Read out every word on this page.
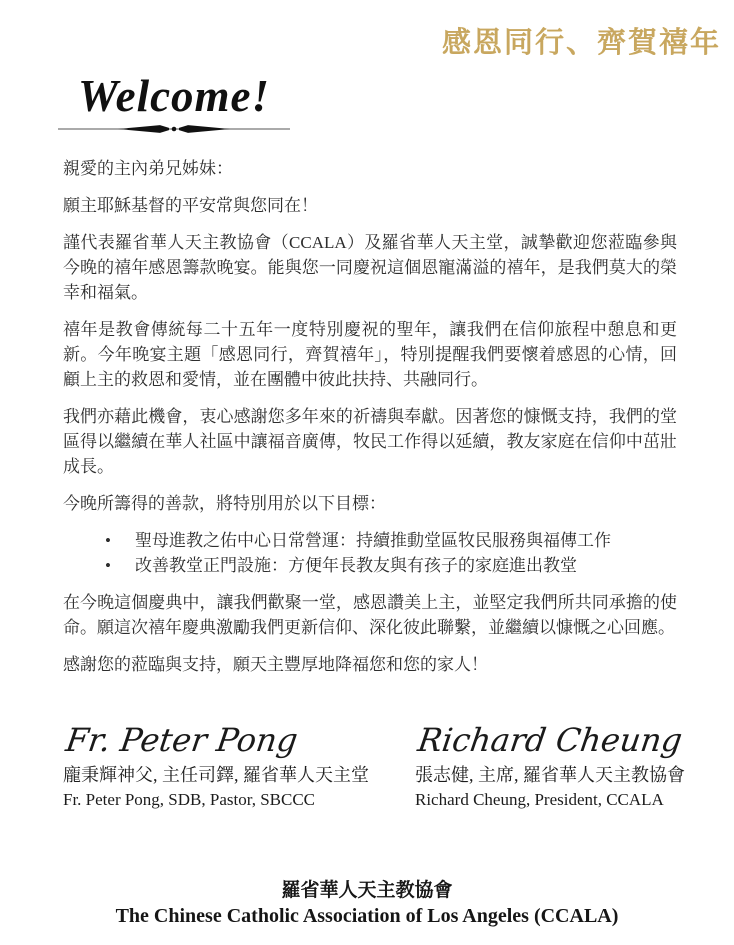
感恩同行、齊賀禧年
Welcome!

親愛的主內弟兄姊妹：

願主耶穌基督的平安常與您同在！

謹代表羅省華人天主教協會（CCALA）及羅省華人天主堂，誠摯歡迎您蒞臨參與今晚的禧年感恩籌款晚宴。能與您一同慶祝這個恩寵滿溢的禧年，是我們莫大的榮幸和福氣。

禧年是教會傳統每二十五年一度特別慶祝的聖年，讓我們在信仰旅程中憩息和更新。今年晚宴主題「感恩同行，齊賀禧年」，特別提醒我們要懷着感恩的心情，回顧上主的救恩和愛情，並在團體中彼此扶持、共融同行。

我們亦藉此機會，衷心感謝您多年來的祈禱與奉獻。因著您的慷慨支持，我們的堂區得以繼續在華人社區中讓福音廣傳，牧民工作得以延續，教友家庭在信仰中茁壯成長。

今晚所籌得的善款，將特別用於以下目標：

•	聖母進教之佑中心日常營運：持續推動堂區牧民服務與福傳工作
•	改善教堂正門設施：方便年長教友與有孩子的家庭進出教堂

在今晚這個慶典中，讓我們歡聚一堂，感恩讚美上主，並堅定我們所共同承擔的使命。願這次禧年慶典激勵我們更新信仰、深化彼此聯繫，並繼續以慷慨之心回應。

感謝您的蒞臨與支持，願天主豐厚地降福您和您的家人！

Fr. Peter Pong
龐秉輝神父, 主任司鐸, 羅省華人天主堂
Fr. Peter Pong, SDB, Pastor, SBCCC
Richard Cheung
張志健, 主席, 羅省華人天主教協會
Richard Cheung, President, CCALA
羅省華人天主教協會
The Chinese Catholic Association of Los Angeles (CCALA)
